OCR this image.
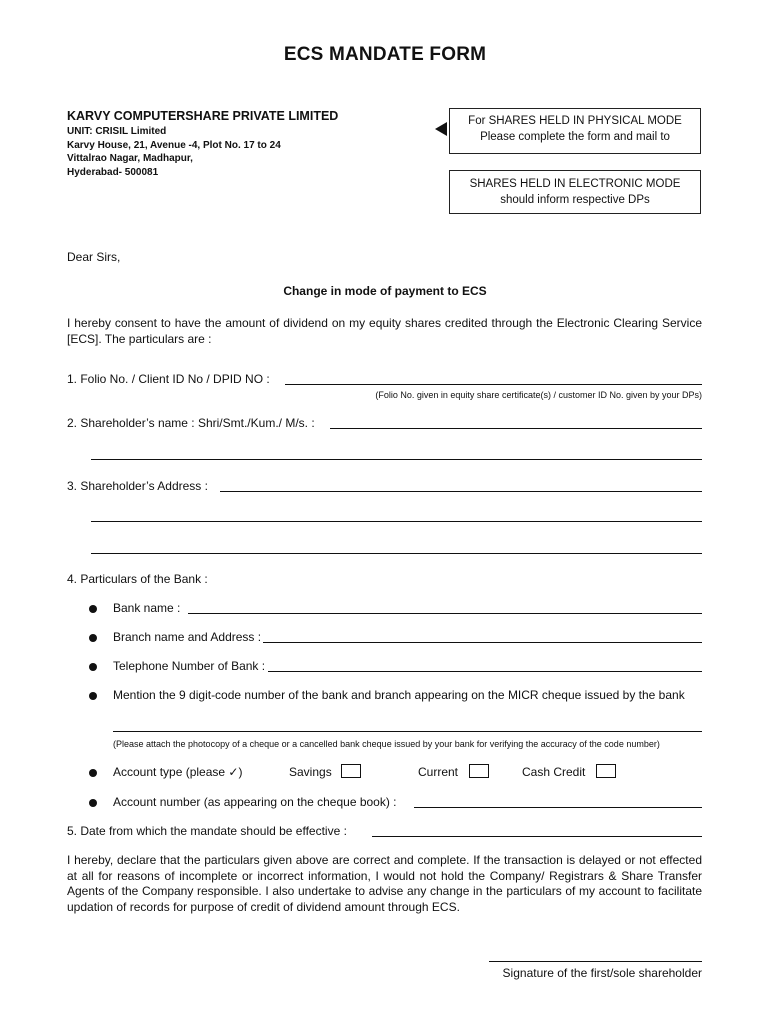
ECS MANDATE FORM
KARVY COMPUTERSHARE PRIVATE LIMITED
UNIT: CRISIL Limited
Karvy House, 21, Avenue -4, Plot No. 17 to 24
Vittalrao Nagar, Madhapur,
Hyderabad- 500081
For SHARES HELD IN PHYSICAL MODE
Please complete the form and mail to
SHARES HELD IN ELECTRONIC MODE
should inform respective DPs
Dear Sirs,
Change in mode of payment to ECS
I hereby consent to have the amount of dividend on my equity shares credited through the Electronic Clearing Service [ECS]. The particulars are :
1. Folio No. / Client ID No / DPID NO :
(Folio No. given in equity share certificate(s) / customer ID No. given by your DPs)
2. Shareholder’s name : Shri/Smt./Kum./ M/s. :
3. Shareholder’s Address :
4. Particulars of the Bank :
Bank name :
Branch name and Address :
Telephone Number of Bank :
Mention the 9 digit-code number of the bank and branch appearing on the MICR cheque issued by the bank
(Please attach the photocopy of a cheque or a cancelled bank cheque issued by your bank for verifying the accuracy of the code number)
Account type (please ✓)	Savings	Current	Cash Credit
Account number (as appearing on the cheque book) :
5. Date from which the mandate should be effective :
I hereby, declare that the particulars given above are correct and complete. If the transaction is delayed or not effected at all for reasons of incomplete or incorrect information, I would not hold the Company/ Registrars & Share Transfer Agents of the Company responsible. I also undertake to advise any change in the particulars of my account to facilitate updation of records for purpose of credit of dividend amount through ECS.
Signature of the first/sole shareholder
